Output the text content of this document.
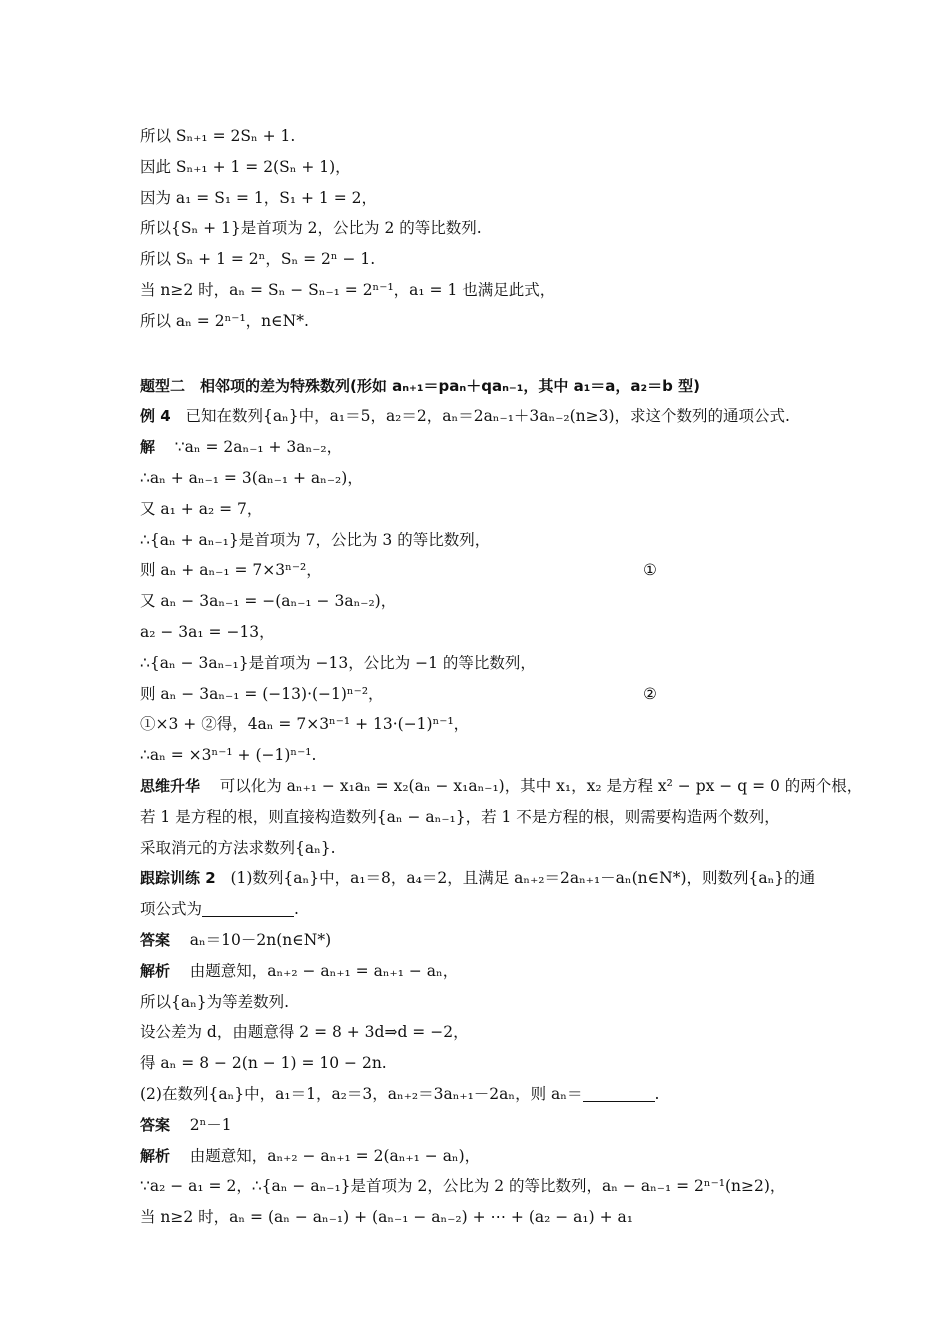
所以 Sₙ₊₁ = 2Sₙ + 1.
因此 Sₙ₊₁ + 1 = 2(Sₙ + 1)，
因为 a₁ = S₁ = 1，S₁ + 1 = 2，
所以{Sₙ + 1}是首项为 2，公比为 2 的等比数列.
所以 Sₙ + 1 = 2ⁿ，Sₙ = 2ⁿ − 1.
当 n≥2 时，aₙ = Sₙ − Sₙ₋₁ = 2ⁿ⁻¹，a₁ = 1 也满足此式，
所以 aₙ = 2ⁿ⁻¹，n∈N*.
题型二　相邻项的差为特殊数列(形如 aₙ₊₁＝paₙ＋qaₙ₋₁，其中 a₁＝a，a₂＝b 型)
例 4 已知在数列{aₙ}中，a₁＝5，a₂＝2，aₙ＝2aₙ₋₁＋3aₙ₋₂(n≥3)，求这个数列的通项公式.
解 ∵aₙ = 2aₙ₋₁ + 3aₙ₋₂，
∴aₙ + aₙ₋₁ = 3(aₙ₋₁ + aₙ₋₂)，
又 a₁ + a₂ = 7，
∴{aₙ + aₙ₋₁}是首项为 7，公比为 3 的等比数列，
则 aₙ + aₙ₋₁ = 7×3ⁿ⁻²，	①
又 aₙ − 3aₙ₋₁ = −(aₙ₋₁ − 3aₙ₋₂)，
a₂ − 3a₁ = −13，
∴{aₙ − 3aₙ₋₁}是首项为 −13，公比为 −1 的等比数列，
则 aₙ − 3aₙ₋₁ = (−13)·(−1)ⁿ⁻²，	②
①×3 + ②得，4aₙ = 7×3ⁿ⁻¹ + 13·(−1)ⁿ⁻¹，
∴aₙ = ×3ⁿ⁻¹ + (−1)ⁿ⁻¹.
思维升华 可以化为 aₙ₊₁ − x₁aₙ = x₂(aₙ − x₁aₙ₋₁)，其中 x₁，x₂ 是方程 x² − px − q = 0 的两个根，
若 1 是方程的根，则直接构造数列{aₙ − aₙ₋₁}，若 1 不是方程的根，则需要构造两个数列，
采取消元的方法求数列{aₙ}.
跟踪训练 2 (1)数列{aₙ}中，a₁＝8，a₄＝2，且满足 aₙ₊₂＝2aₙ₊₁－aₙ(n∈N*)，则数列{aₙ}的通
项公式为	.
答案 aₙ＝10－2n(n∈N*)
解析 由题意知，aₙ₊₂ − aₙ₊₁ = aₙ₊₁ − aₙ，
所以{aₙ}为等差数列.
设公差为 d，由题意得 2 = 8 + 3d⇒d = −2，
得 aₙ = 8 − 2(n − 1) = 10 − 2n.
(2)在数列{aₙ}中，a₁＝1，a₂＝3，aₙ₊₂＝3aₙ₊₁－2aₙ，则 aₙ＝	.
答案 2ⁿ－1
解析 由题意知，aₙ₊₂ − aₙ₊₁ = 2(aₙ₊₁ − aₙ)，
∵a₂ − a₁ = 2，∴{aₙ − aₙ₋₁}是首项为 2，公比为 2 的等比数列，aₙ − aₙ₋₁ = 2ⁿ⁻¹(n≥2)，
当 n≥2 时，aₙ = (aₙ − aₙ₋₁) + (aₙ₋₁ − aₙ₋₂) + ⋯ + (a₂ − a₁) + a₁
